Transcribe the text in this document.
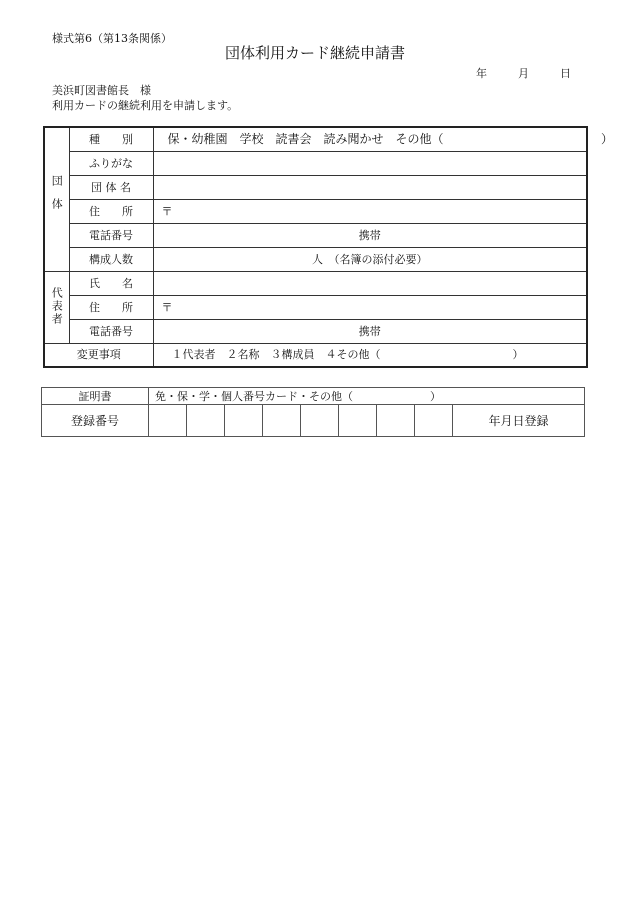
様式第6（第13条関係）
団体利用カード継続申請書
年	月	日
美浜町図書館長　様
利用カードの継続利用を申請します。
団体	種　　別	保・幼稚園　学校　読書会　読み聞かせ　その他（ ）

	ふりがな	
	団 体 名	
	住　　所	〒
	電話番号	携帯
	構成人数	人　（名簿の添付必要）
代表者	氏　　名	
	住　　所	〒
	電話番号	携帯
変更事項		１代表者　２名称　３構成員　４その他（　　　　　　　　　　　　）
証明書	免・保・学・個人番号カード・その他（　　　　　　　）								
登録番号									年月日登録
